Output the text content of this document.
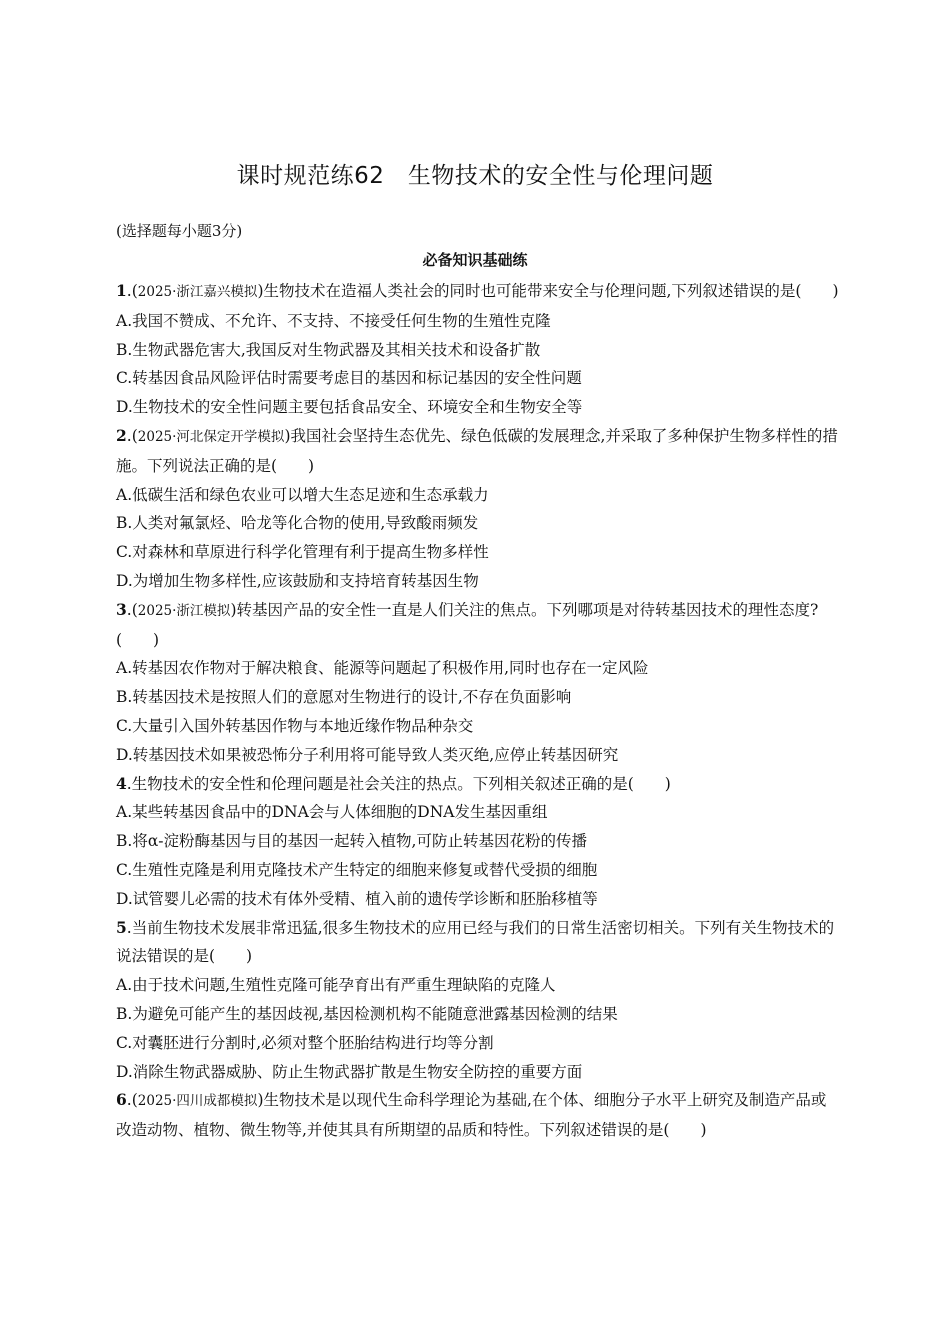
课时规范练62　生物技术的安全性与伦理问题
(选择题每小题3分)
必备知识基础练

1.(2025·浙江嘉兴模拟)生物技术在造福人类社会的同时也可能带来安全与伦理问题,下列叙述错误的是(　　)

A.我国不赞成、不允许、不支持、不接受任何生物的生殖性克隆

B.生物武器危害大,我国反对生物武器及其相关技术和设备扩散

C.转基因食品风险评估时需要考虑目的基因和标记基因的安全性问题

D.生物技术的安全性问题主要包括食品安全、环境安全和生物安全等

2.(2025·河北保定开学模拟)我国社会坚持生态优先、绿色低碳的发展理念,并采取了多种保护生物多样性的措施。下列说法正确的是(　　)

A.低碳生活和绿色农业可以增大生态足迹和生态承载力

B.人类对氟氯烃、哈龙等化合物的使用,导致酸雨频发

C.对森林和草原进行科学化管理有利于提高生物多样性

D.为增加生物多样性,应该鼓励和支持培育转基因生物

3.(2025·浙江模拟)转基因产品的安全性一直是人们关注的焦点。下列哪项是对待转基因技术的理性态度?(　　)

A.转基因农作物对于解决粮食、能源等问题起了积极作用,同时也存在一定风险

B.转基因技术是按照人们的意愿对生物进行的设计,不存在负面影响

C.大量引入国外转基因作物与本地近缘作物品种杂交

D.转基因技术如果被恐怖分子利用将可能导致人类灭绝,应停止转基因研究

4.生物技术的安全性和伦理问题是社会关注的热点。下列相关叙述正确的是(　　)

A.某些转基因食品中的DNA会与人体细胞的DNA发生基因重组

B.将α-淀粉酶基因与目的基因一起转入植物,可防止转基因花粉的传播

C.生殖性克隆是利用克隆技术产生特定的细胞来修复或替代受损的细胞

D.试管婴儿必需的技术有体外受精、植入前的遗传学诊断和胚胎移植等

5.当前生物技术发展非常迅猛,很多生物技术的应用已经与我们的日常生活密切相关。下列有关生物技术的说法错误的是(　　)

A.由于技术问题,生殖性克隆可能孕育出有严重生理缺陷的克隆人

B.为避免可能产生的基因歧视,基因检测机构不能随意泄露基因检测的结果

C.对囊胚进行分割时,必须对整个胚胎结构进行均等分割

D.消除生物武器威胁、防止生物武器扩散是生物安全防控的重要方面

6.(2025·四川成都模拟)生物技术是以现代生命科学理论为基础,在个体、细胞分子水平上研究及制造产品或改造动物、植物、微生物等,并使其具有所期望的品质和特性。下列叙述错误的是(　　)
